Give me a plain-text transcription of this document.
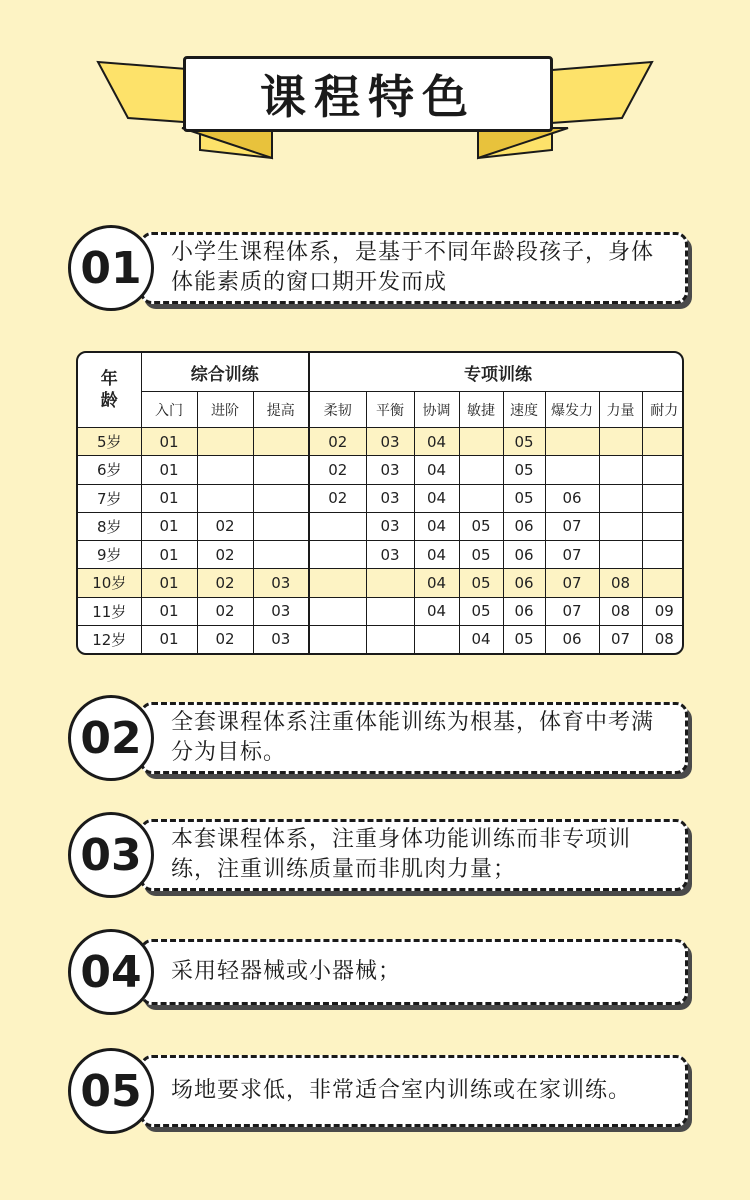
课程特色
01	小学生课程体系，是基于不同年龄段孩子，身体体能素质的窗口期开发而成
年
龄	综合训练			专项训练							
	入门	进阶	提高	柔韧	平衡	协调	敏捷	速度	爆发力	力量	耐力
5岁	01			02	03	04		05			
6岁	01			02	03	04		05			
7岁	01			02	03	04		05	06		
8岁	01	02			03	04	05	06	07		
9岁	01	02			03	04	05	06	07		
10岁	01	02	03			04	05	06	07	08	
11岁	01	02	03			04	05	06	07	08	09
12岁	01	02	03				04	05	06	07	08
02	全套课程体系注重体能训练为根基，体育中考满分为目标。
03	本套课程体系，注重身体功能训练而非专项训练，注重训练质量而非肌肉力量；
04	采用轻器械或小器械；
05	场地要求低，非常适合室内训练或在家训练。
